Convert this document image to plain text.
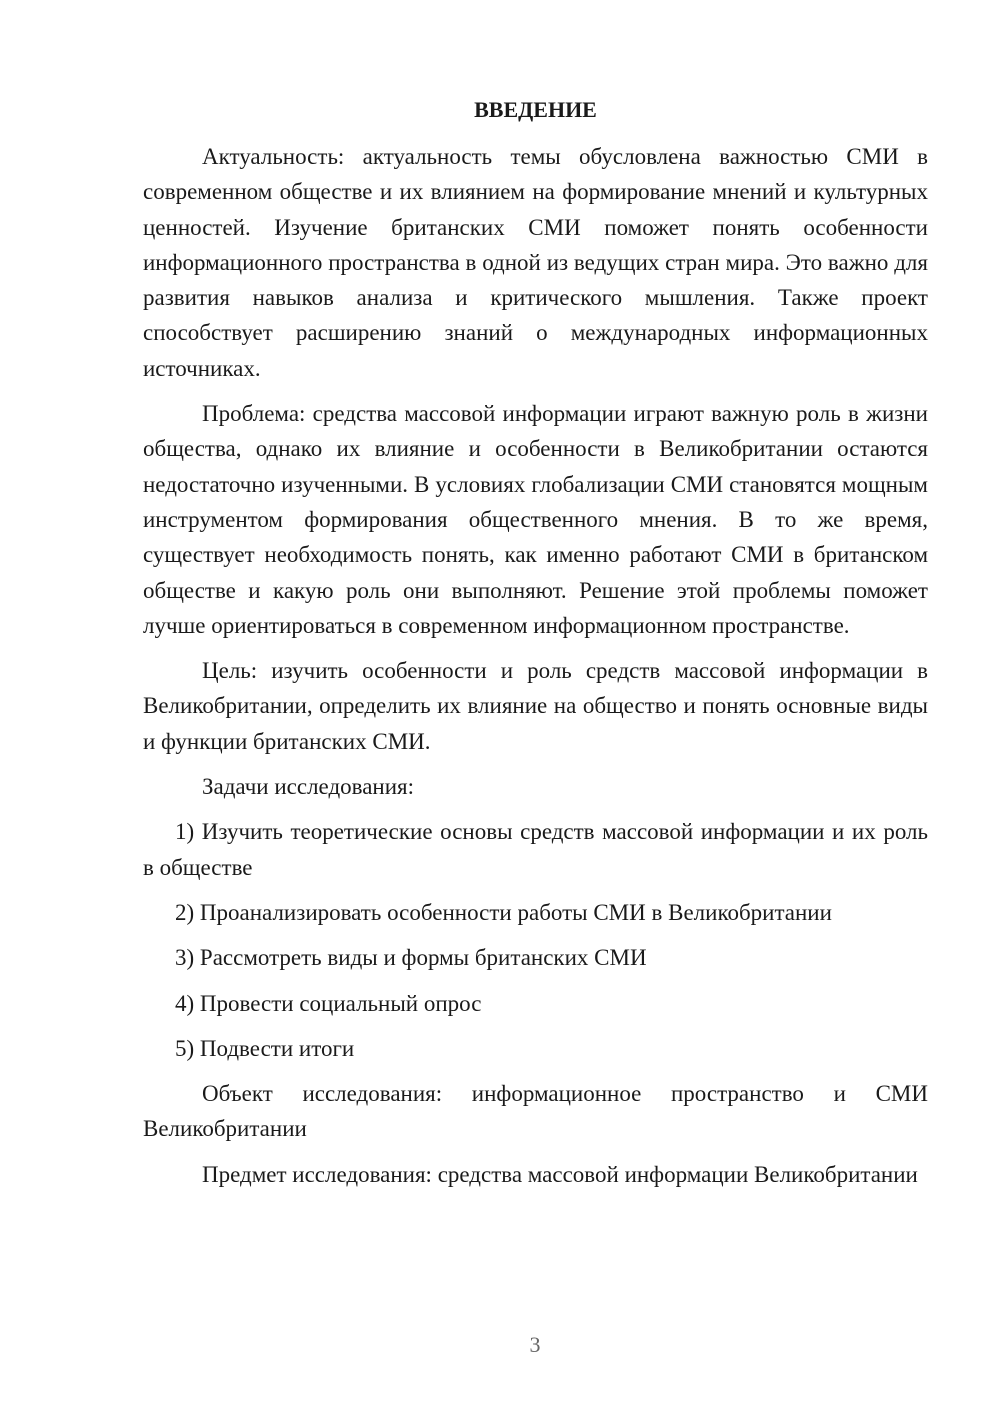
ВВЕДЕНИЕ

Актуальность: актуальность темы обусловлена важностью СМИ в современном обществе и их влиянием на формирование мнений и культурных ценностей. Изучение британских СМИ поможет понять особенности информационного пространства в одной из ведущих стран мира. Это важно для развития навыков анализа и критического мышления. Также проект способствует расширению знаний о международных информационных источниках.

Проблема: средства массовой информации играют важную роль в жизни общества, однако их влияние и особенности в Великобритании остаются недостаточно изученными. В условиях глобализации СМИ становятся мощным инструментом формирования общественного мнения. В то же время, существует необходимость понять, как именно работают СМИ в британском обществе и какую роль они выполняют. Решение этой проблемы поможет лучше ориентироваться в современном информационном пространстве.

Цель: изучить особенности и роль средств массовой информации в Великобритании, определить их влияние на общество и понять основные виды и функции британских СМИ.

Задачи исследования:

1) Изучить теоретические основы средств массовой информации и их роль в обществе

2) Проанализировать особенности работы СМИ в Великобритании

3) Рассмотреть виды и формы британских СМИ

4) Провести социальный опрос

5) Подвести итоги

Объект исследования: информационное пространство и СМИ Великобритании

Предмет исследования: средства массовой информации Великобритании

3
